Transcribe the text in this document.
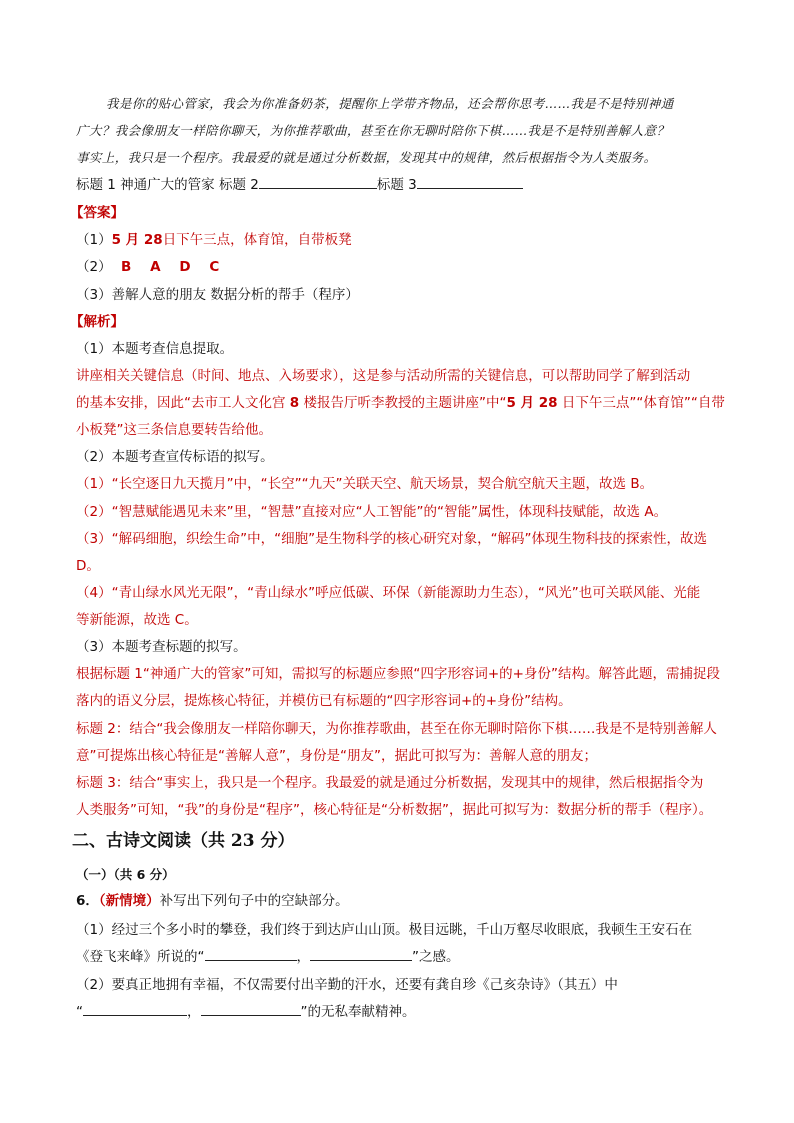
我是你的贴心管家，我会为你准备奶茶，提醒你上学带齐物品，还会帮你思考……我是不是特别神通
广大？我会像朋友一样陪你聊天，为你推荐歌曲，甚至在你无聊时陪你下棋……我是不是特别善解人意？
事实上，我只是一个程序。我最爱的就是通过分析数据，发现其中的规律，然后根据指令为人类服务。
标题 1 神通广大的管家 标题 2	标题 3
【答案】
（1）5 月 28日下午三点，体育馆，自带板凳
（2）  B    A    D    C
（3）善解人意的朋友 数据分析的帮手（程序）
【解析】
（1）本题考查信息提取。
讲座相关关键信息（时间、地点、入场要求），这是参与活动所需的关键信息，可以帮助同学了解到活动
的基本安排，因此“去市工人文化宫 8 楼报告厅听李教授的主题讲座”中“5 月 28 日下午三点”“体育馆”“自带
小板凳”这三条信息要转告给他。
（2）本题考查宣传标语的拟写。
（1）“长空逐日九天揽月”中，“长空”“九天”关联天空、航天场景，契合航空航天主题，故选 B。
（2）“智慧赋能遇见未来”里，“智慧”直接对应“人工智能”的“智能”属性，体现科技赋能，故选 A。
（3）“解码细胞，织绘生命”中，“细胞”是生物科学的核心研究对象，“解码”体现生物科技的探索性，故选
D。
（4）“青山绿水风光无限”，“青山绿水”呼应低碳、环保（新能源助力生态），“风光”也可关联风能、光能
等新能源，故选 C。
（3）本题考查标题的拟写。
根据标题 1“神通广大的管家”可知，需拟写的标题应参照“四字形容词+的+身份”结构。解答此题，需捕捉段
落内的语义分层，提炼核心特征，并模仿已有标题的“四字形容词+的+身份”结构。
标题 2：结合“我会像朋友一样陪你聊天，为你推荐歌曲，甚至在你无聊时陪你下棋……我是不是特别善解人
意”可提炼出核心特征是“善解人意”，身份是“朋友”，据此可拟写为：善解人意的朋友；
标题 3：结合“事实上，我只是一个程序。我最爱的就是通过分析数据，发现其中的规律，然后根据指令为
人类服务”可知，“我”的身份是“程序”，核心特征是“分析数据”，据此可拟写为：数据分析的帮手（程序）。
二、古诗文阅读（共 23 分）
（一）（共 6 分）
6．（新情境）补写出下列句子中的空缺部分。
（1）经过三个多小时的攀登，我们终于到达庐山山顶。极目远眺，千山万壑尽收眼底，我顿生王安石在
《登飞来峰》所说的“	，	”之感。
（2）要真正地拥有幸福，不仅需要付出辛勤的汗水，还要有龚自珍《己亥杂诗》（其五）中
“	，	”的无私奉献精神。
